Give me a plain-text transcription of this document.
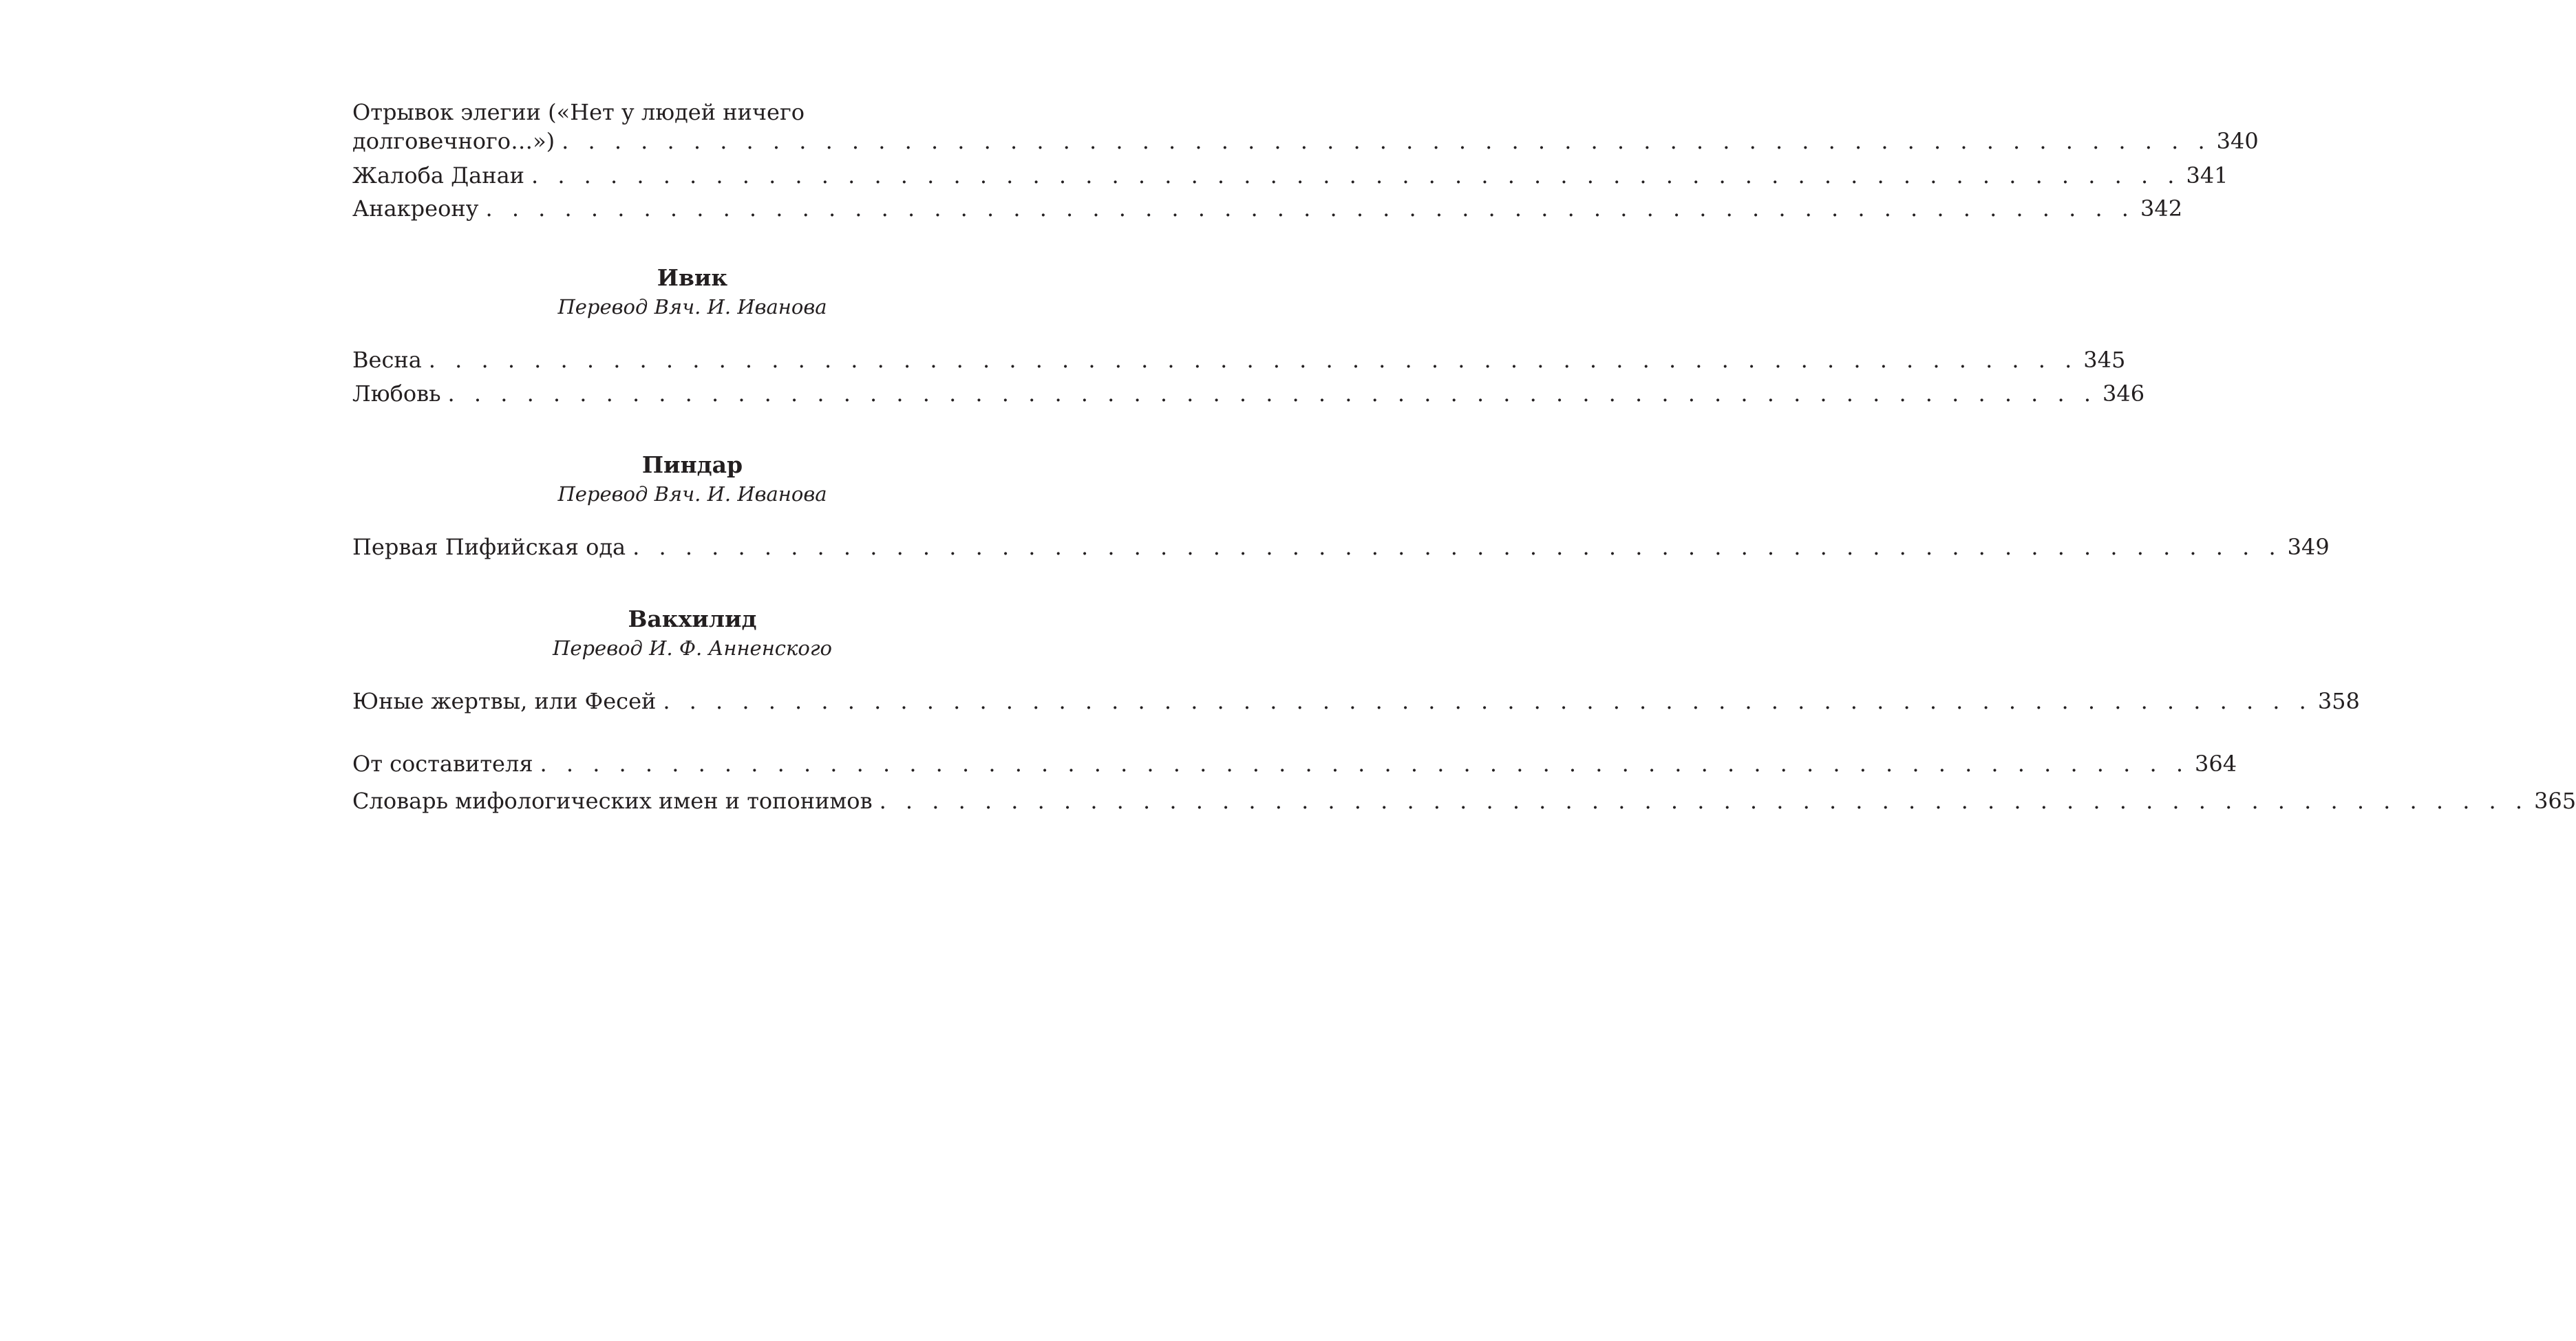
Отрывок элегии («Нет у людей ничего
долговечного…») . . . . . . . . . . . . . . . . . . . . . . . . . . . . . . . . . . . . . . . . . . . . . . . . . . . . . . . . . . . . . . . 340
Жалоба Данаи . . . . . . . . . . . . . . . . . . . . . . . . . . . . . . . . . . . . . . . . . . . . . . . . . . . . . . . . . . . . . . . 341
Анакреону . . . . . . . . . . . . . . . . . . . . . . . . . . . . . . . . . . . . . . . . . . . . . . . . . . . . . . . . . . . . . . . 342
Ивик
Перевод Вяч. И. Иванова
Весна . . . . . . . . . . . . . . . . . . . . . . . . . . . . . . . . . . . . . . . . . . . . . . . . . . . . . . . . . . . . . . . 345
Любовь . . . . . . . . . . . . . . . . . . . . . . . . . . . . . . . . . . . . . . . . . . . . . . . . . . . . . . . . . . . . . . . 346
Пиндар
Перевод Вяч. И. Иванова
Первая Пифийская ода . . . . . . . . . . . . . . . . . . . . . . . . . . . . . . . . . . . . . . . . . . . . . . . . . . . . . . . . . . . . . . . 349
Вакхилид
Перевод И. Ф. Анненского
Юные жертвы, или Фесей . . . . . . . . . . . . . . . . . . . . . . . . . . . . . . . . . . . . . . . . . . . . . . . . . . . . . . . . . . . . . . . 358
От составителя . . . . . . . . . . . . . . . . . . . . . . . . . . . . . . . . . . . . . . . . . . . . . . . . . . . . . . . . . . . . . . . 364
Словарь мифологических имен и топонимов . . . . . . . . . . . . . . . . . . . . . . . . . . . . . . . . . . . . . . . . . . . . . . . . . . . . . . . . . . . . . . . 365
